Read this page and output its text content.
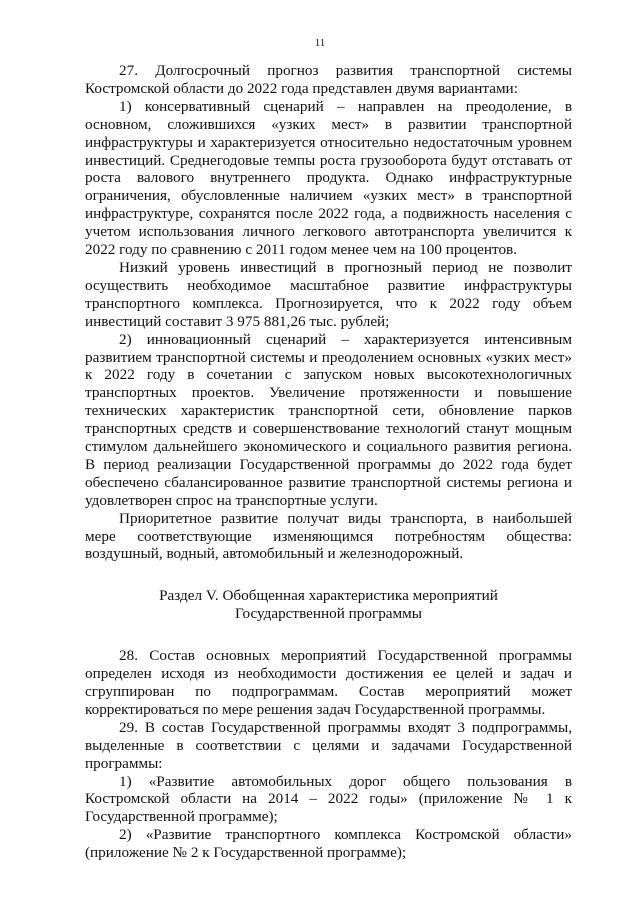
11

27. Долгосрочный прогноз развития транспортной системы Костромской области до 2022 года представлен двумя вариантами:

1) консервативный сценарий – направлен на преодоление, в основном, сложившихся «узких мест» в развитии транспортной инфраструктуры и характеризуется относительно недостаточным уровнем инвестиций. Среднегодовые темпы роста грузооборота будут отставать от роста валового внутреннего продукта. Однако инфраструктурные ограничения, обусловленные наличием «узких мест» в транспортной инфраструктуре, сохранятся после 2022 года, а подвижность населения с учетом использования личного легкового автотранспорта увеличится к 2022 году по сравнению с 2011 годом менее чем на 100 процентов.

Низкий уровень инвестиций в прогнозный период не позволит осуществить необходимое масштабное развитие инфраструктуры транспортного комплекса. Прогнозируется, что к 2022 году объем инвестиций составит 3 975 881,26 тыс. рублей;

2) инновационный сценарий – характеризуется интенсивным развитием транспортной системы и преодолением основных «узких мест» к 2022 году в сочетании с запуском новых высокотехнологичных транспортных проектов. Увеличение протяженности и повышение технических характеристик транспортной сети, обновление парков транспортных средств и совершенствование технологий станут мощным стимулом дальнейшего экономического и социального развития региона. В период реализации Государственной программы до 2022 года будет обеспечено сбалансированное развитие транспортной системы региона и удовлетворен спрос на транспортные услуги.

Приоритетное развитие получат виды транспорта, в наибольшей мере соответствующие изменяющимся потребностям общества: воздушный, водный, автомобильный и железнодорожный.

Раздел V. Обобщенная характеристика мероприятий
Государственной программы

28. Состав основных мероприятий Государственной программы определен исходя из необходимости достижения ее целей и задач и сгруппирован по подпрограммам. Состав мероприятий может корректироваться по мере решения задач Государственной программы.

29. В состав Государственной программы входят 3 подпрограммы, выделенные в соответствии с целями и задачами Государственной программы:

1) «Развитие автомобильных дорог общего пользования в Костромской области на 2014 – 2022 годы» (приложение № 1 к Государственной программе);

2) «Развитие транспортного комплекса Костромской области» (приложение № 2 к Государственной программе);
